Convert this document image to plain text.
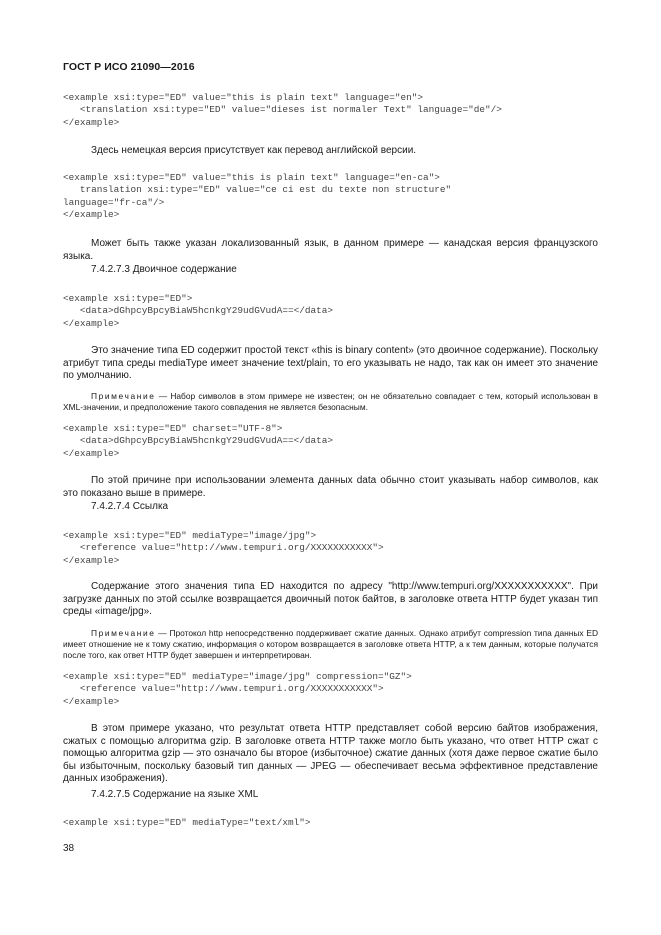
ГОСТ Р ИСО 21090—2016
<example xsi:type="ED" value="this is plain text" language="en">
<translation xsi:type="ED" value="dieses ist normaler Text" language="de"/>
</example>

Здесь немецкая версия присутствует как перевод английской версии.

<example xsi:type="ED" value="this is plain text" language="en-ca">
translation xsi:type="ED" value="ce ci est du texte non structure"
language="fr-ca"/>
</example>

Может быть также указан локализованный язык, в данном примере — канадская версия французского языка.

7.4.2.7.3 Двоичное содержание

<example xsi:type="ED">
<data>dGhpcyBpcyBiaW5hcnkgY29udGVudA==</data>
</example>

Это значение типа ED содержит простой текст «this is binary content» (это двоичное содержание). Поскольку атрибут типа среды mediaType имеет значение text/plain, то его указывать не надо, так как он имеет это значение по умолчанию.

Примечание — Набор символов в этом примере не известен; он не обязательно совпадает с тем, который использован в XML-значении, и предположение такого совпадения не является безопасным.

<example xsi:type="ED" charset="UTF-8">
<data>dGhpcyBpcyBiaW5hcnkgY29udGVudA==</data>
</example>

По этой причине при использовании элемента данных data обычно стоит указывать набор символов, как это показано выше в примере.

7.4.2.7.4 Ссылка

<example xsi:type="ED" mediaType="image/jpg">
<reference value="http://www.tempuri.org/XXXXXXXXXXX">
</example>

Содержание этого значения типа ED находится по адресу "http://www.tempuri.org/XXXXXXXXXXX". При загрузке данных по этой ссылке возвращается двоичный поток байтов, в заголовке ответа HTTP будет указан тип среды «image/jpg».

Примечание — Протокол http непосредственно поддерживает сжатие данных. Однако атрибут compression типа данных ED имеет отношение не к тому сжатию, информация о котором возвращается в заголовке ответа HTTP, а к тем данным, которые получатся после того, как ответ HTTP будет завершен и интерпретирован.

<example xsi:type="ED" mediaType="image/jpg" compression="GZ">
<reference value="http://www.tempuri.org/XXXXXXXXXXX">
</example>

В этом примере указано, что результат ответа HTTP представляет собой версию байтов изображения, сжатых с помощью алгоритма gzip. В заголовке ответа HTTP также могло быть указано, что ответ HTTP сжат с помощью алгоритма gzip — это означало бы второе (избыточное) сжатие данных (хотя даже первое сжатие было бы избыточным, поскольку базовый тип данных — JPEG — обеспечивает весьма эффективное представление данных изображения).

7.4.2.7.5 Содержание на языке XML

<example xsi:type="ED" mediaType="text/xml">
38
